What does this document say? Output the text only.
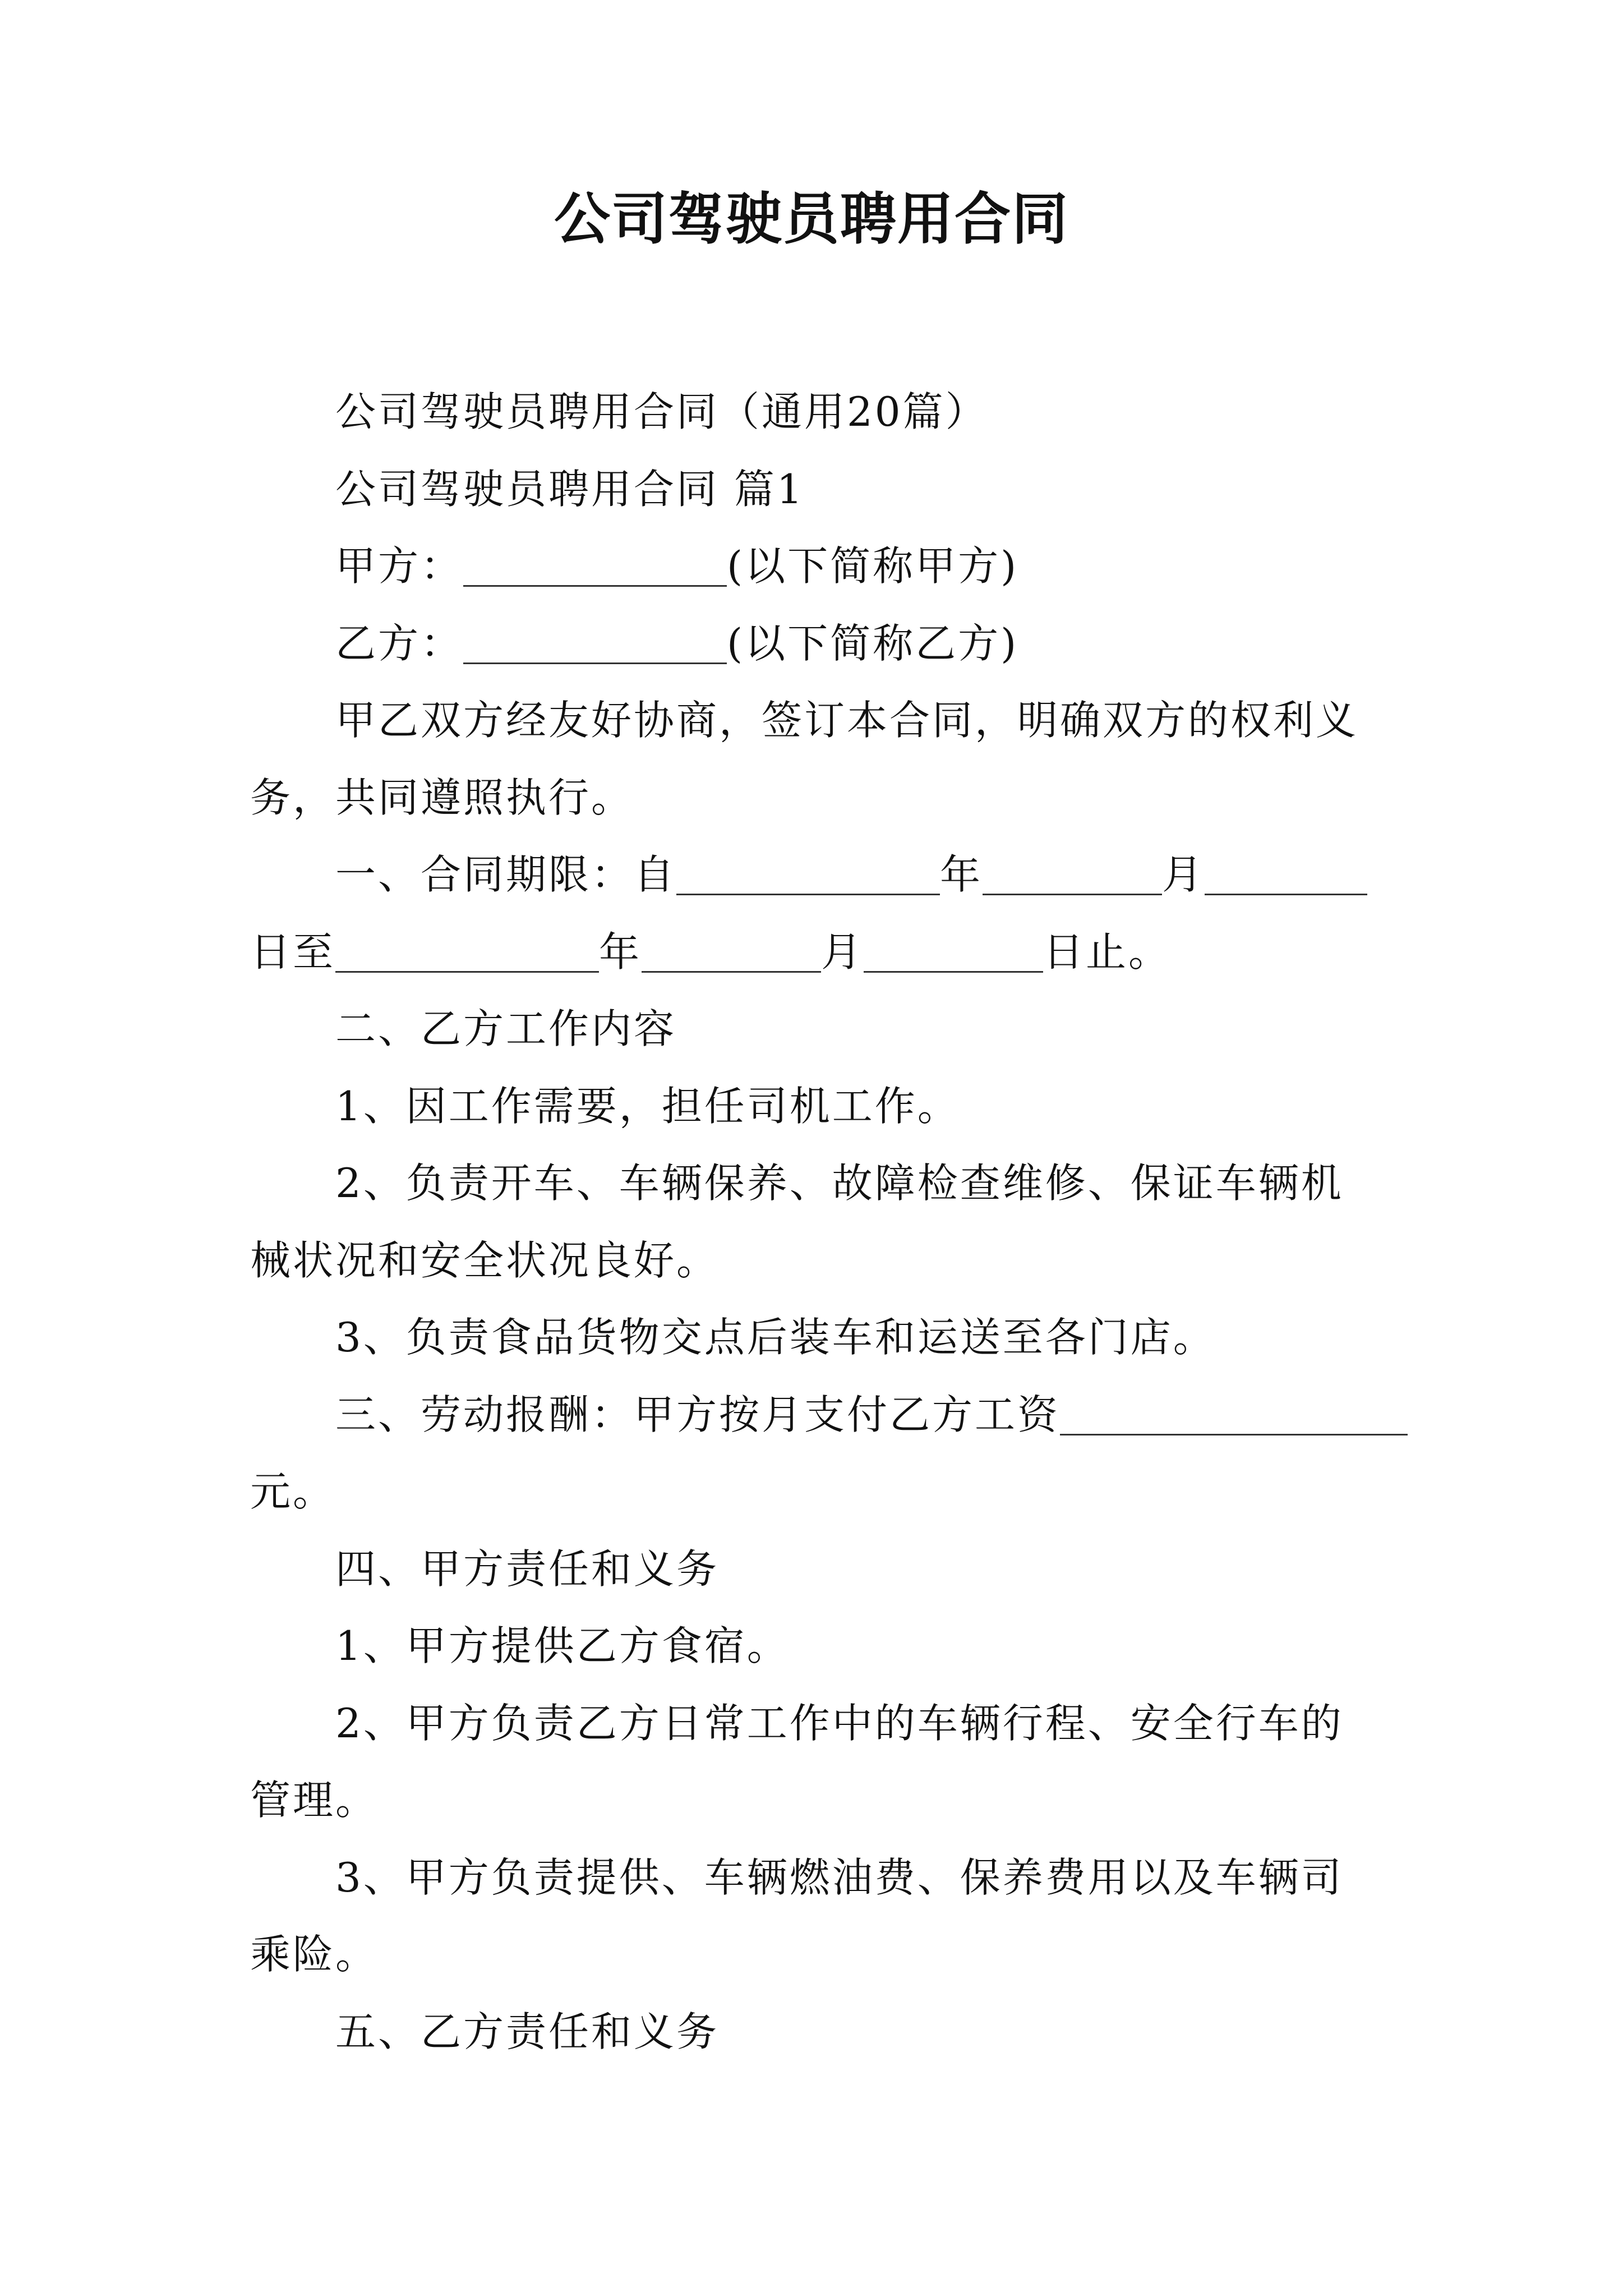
公司驾驶员聘用合同

公司驾驶员聘用合同（通用20篇）

公司驾驶员聘用合同 篇1

甲方：	(以下简称甲方)

乙方：	(以下简称乙方)

甲乙双方经友好协商，签订本合同，明确双方的权利义

务，共同遵照执行。

一、合同期限：自	年	月

日至	年	月	日止。

二、乙方工作内容

1、因工作需要，担任司机工作。

2、负责开车、车辆保养、故障检查维修、保证车辆机

械状况和安全状况良好。

3、负责食品货物交点后装车和运送至各门店。

三、劳动报酬：甲方按月支付乙方工资

元。

四、甲方责任和义务

1、甲方提供乙方食宿。

2、甲方负责乙方日常工作中的车辆行程、安全行车的

管理。

3、甲方负责提供、车辆燃油费、保养费用以及车辆司

乘险。

五、乙方责任和义务
